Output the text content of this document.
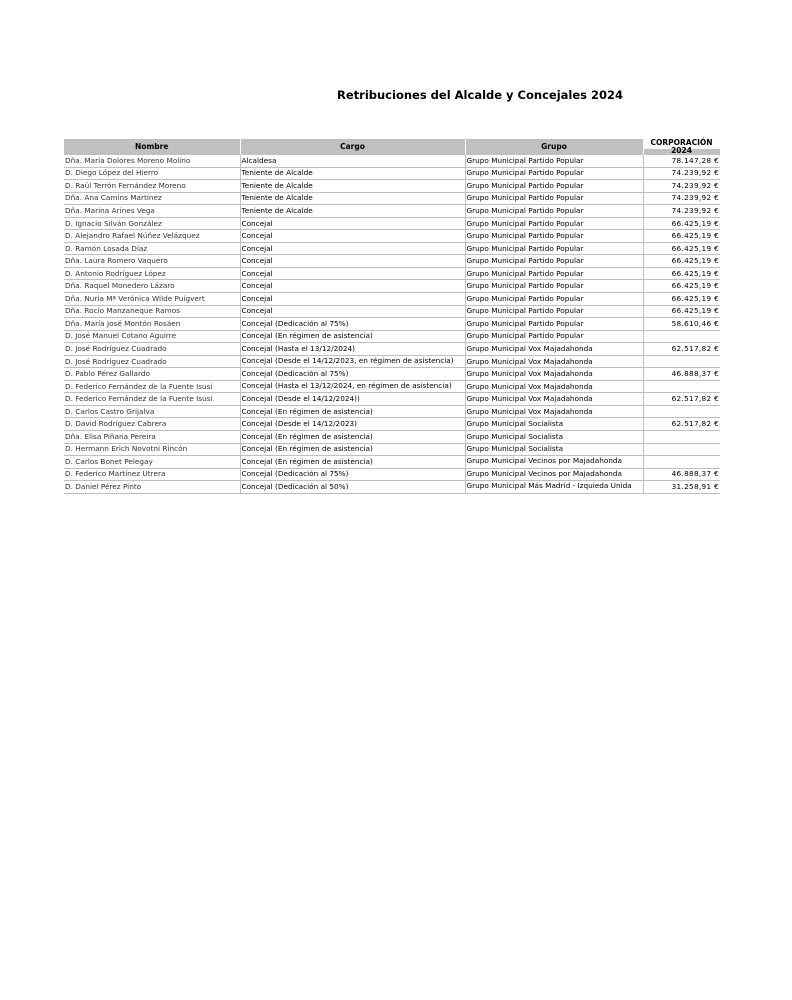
Retribuciones del Alcalde y Concejales 2024
Nombre	Cargo	Grupo	CORPORACIÓN
2024

Dña. María Dolores Moreno Molino	Alcaldesa	Grupo Municipal Partido Popular	78.147,28 €
D. Diego López del Hierro	Teniente de Alcalde	Grupo Municipal Partido Popular	74.239,92 €
D. Raúl Terrón Fernández Moreno	Teniente de Alcalde	Grupo Municipal Partido Popular	74.239,92 €
Dña. Ana Camins Martínez	Teniente de Alcalde	Grupo Municipal Partido Popular	74.239,92 €
Dña. Marina Arines Vega	Teniente de Alcalde	Grupo Municipal Partido Popular	74.239,92 €
D. Ignacio Silván González	Concejal	Grupo Municipal Partido Popular	66.425,19 €
D. Alejandro Rafael Núñez Velázquez	Concejal	Grupo Municipal Partido Popular	66.425,19 €
D. Ramón Losada Díaz	Concejal	Grupo Municipal Partido Popular	66.425,19 €
Dña. Laura Romero Vaquero	Concejal	Grupo Municipal Partido Popular	66.425,19 €
D. Antonio Rodríguez López	Concejal	Grupo Municipal Partido Popular	66.425,19 €
Dña. Raquel Monedero Lázaro	Concejal	Grupo Municipal Partido Popular	66.425,19 €
Dña. Nuria Mª Verónica Wilde Puigvert	Concejal	Grupo Municipal Partido Popular	66.425,19 €
Dña. Rocío Manzaneque Ramos	Concejal	Grupo Municipal Partido Popular	66.425,19 €
Dña. María José Montón Rosáen	Concejal (Dedicación al 75%)	Grupo Municipal Partido Popular	58.610,46 €
D. José Manuel Cotano Aguirre	Concejal (En régimen de asistencia)	Grupo Municipal Partido Popular	
D. José Rodríguez Cuadrado	Concejal (Hasta el 13/12/2024)	Grupo Municipal Vox Majadahonda	62.517,82 €
D. José Rodríguez Cuadrado	Concejal (Desde el 14/12/2023, en régimen de asistencia)	Grupo Municipal Vox Majadahonda	
D. Pablo Pérez Gallardo	Concejal (Dedicación al 75%)	Grupo Municipal Vox Majadahonda	46.888,37 €
D. Federico Fernández de la Fuente Isusi	Concejal (Hasta el 13/12/2024, en régimen de asistencia)	Grupo Municipal Vox Majadahonda	
D. Federico Fernández de la Fuente Isusi	Concejal (Desde el 14/12/2024))	Grupo Municipal Vox Majadahonda	62.517,82 €
D. Carlos Castro Grijalva	Concejal (En régimen de asistencia)	Grupo Municipal Vox Majadahonda	
D. David Rodríguez Cabrera	Concejal (Desde el 14/12/2023)	Grupo Municipal Socialista	62.517,82 €
Dña. Elisa Piñana Pereira	Concejal (En régimen de asistencia)	Grupo Municipal Socialista	
D. Hermann Erich Novotni Rincón	Concejal (En régimen de asistencia)	Grupo Municipal Socialista	
D. Carlos Bonet Pelegay	Concejal (En régimen de asistencia)	Grupo Municipal Vecinos por Majadahonda	

D. Federico Martínez Utrera	Concejal (Dedicación al 75%)	Grupo Municipal Vecinos por Majadahonda	46.888,37 €
D. Daniel Pérez Pinto	Concejal (Dedicación al 50%)	Grupo Municipal Más Madrid - Izquieda Unida	31.258,91 €
